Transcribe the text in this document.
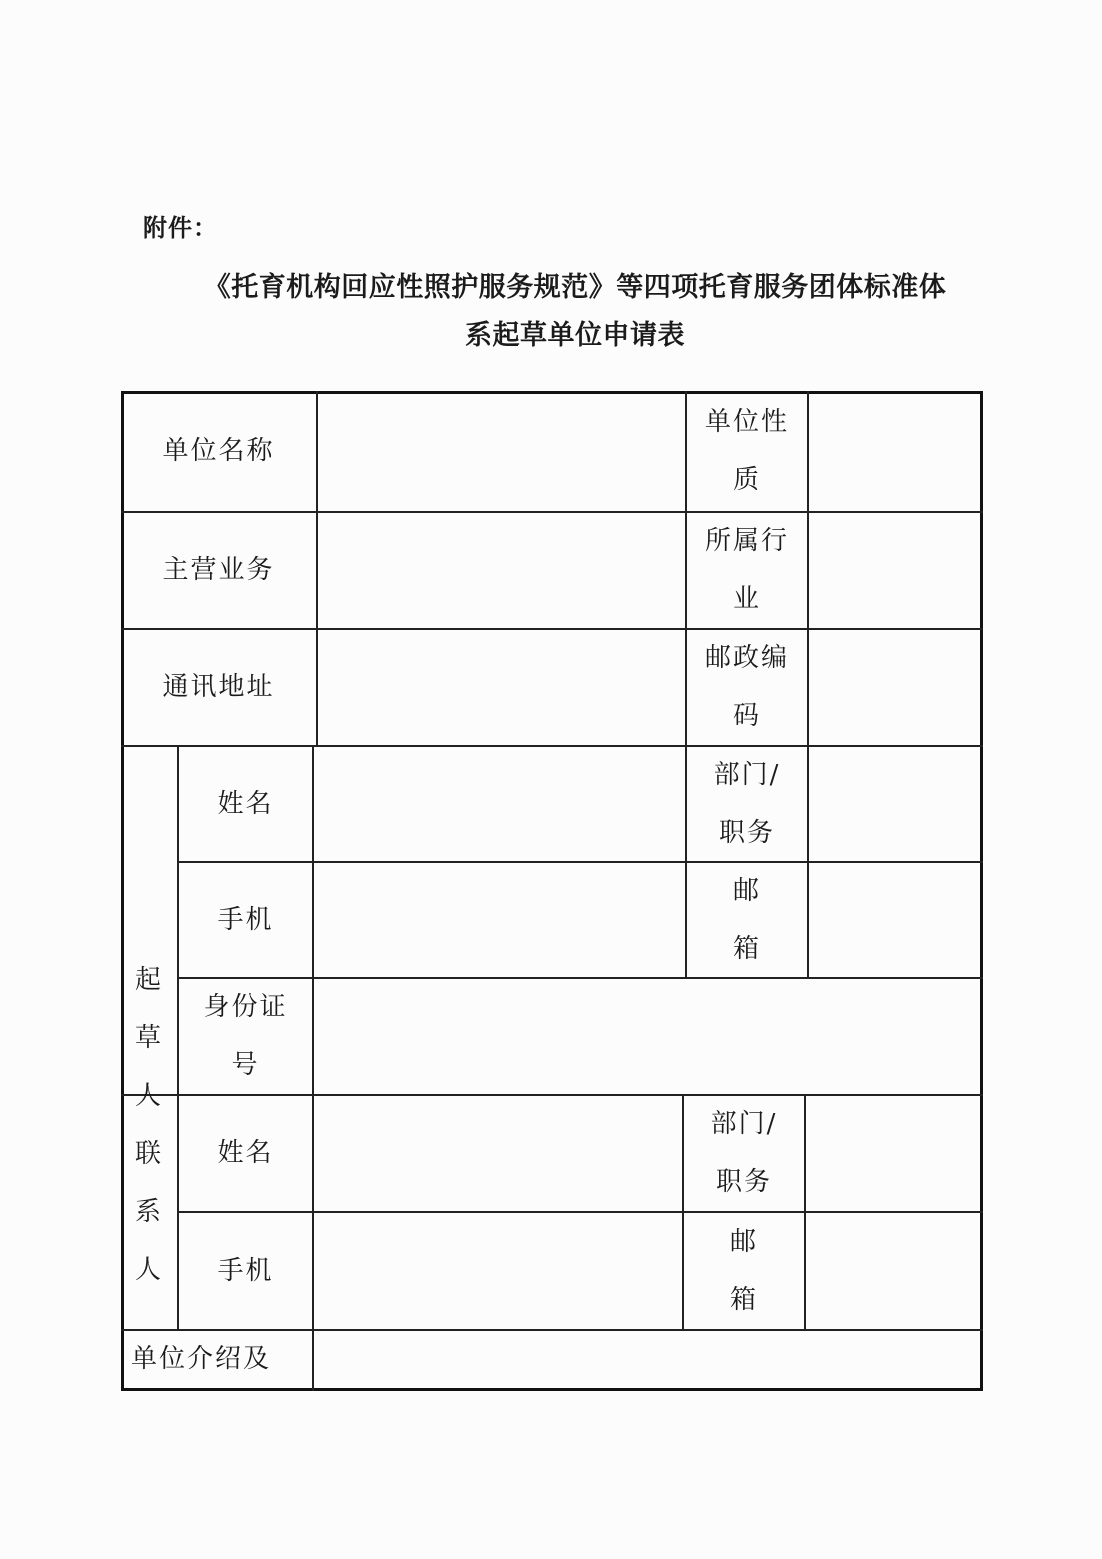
附件：
《托育机构回应性照护服务规范》等四项托育服务团体标准体
系起草单位申请表
单位名称
单位性
质
主营业务
所属行
业
通讯地址
邮政编
码
起
草
人
姓名
部门/
职务
手机
邮
箱
身份证
号
联
系
人
姓名
部门/
职务
手机
邮
箱
单位介绍及
